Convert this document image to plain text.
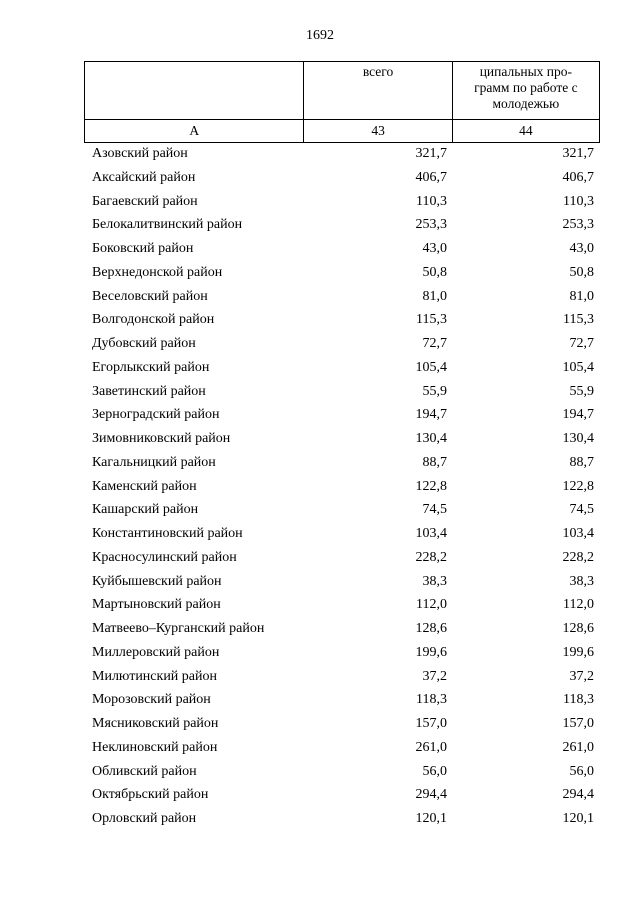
1692
	всего	ципальных про-
грамм по работе с
молодежью

А	43	44
Азовский район	321,7	321,7
Аксайский район	406,7	406,7
Багаевский район	110,3	110,3
Белокалитвинский район	253,3	253,3
Боковский район	43,0	43,0
Верхнедонской район	50,8	50,8
Веселовский район	81,0	81,0
Волгодонской район	115,3	115,3
Дубовский район	72,7	72,7
Егорлыкский район	105,4	105,4
Заветинский район	55,9	55,9
Зерноградский район	194,7	194,7
Зимовниковский район	130,4	130,4
Кагальницкий район	88,7	88,7
Каменский район	122,8	122,8
Кашарский район	74,5	74,5
Константиновский район	103,4	103,4
Красносулинский район	228,2	228,2
Куйбышевский район	38,3	38,3
Мартыновский район	112,0	112,0
Матвеево–Курганский район	128,6	128,6
Миллеровский район	199,6	199,6
Милютинский район	37,2	37,2
Морозовский район	118,3	118,3
Мясниковский район	157,0	157,0
Неклиновский район	261,0	261,0
Обливский район	56,0	56,0
Октябрьский район	294,4	294,4
Орловский район	120,1	120,1
